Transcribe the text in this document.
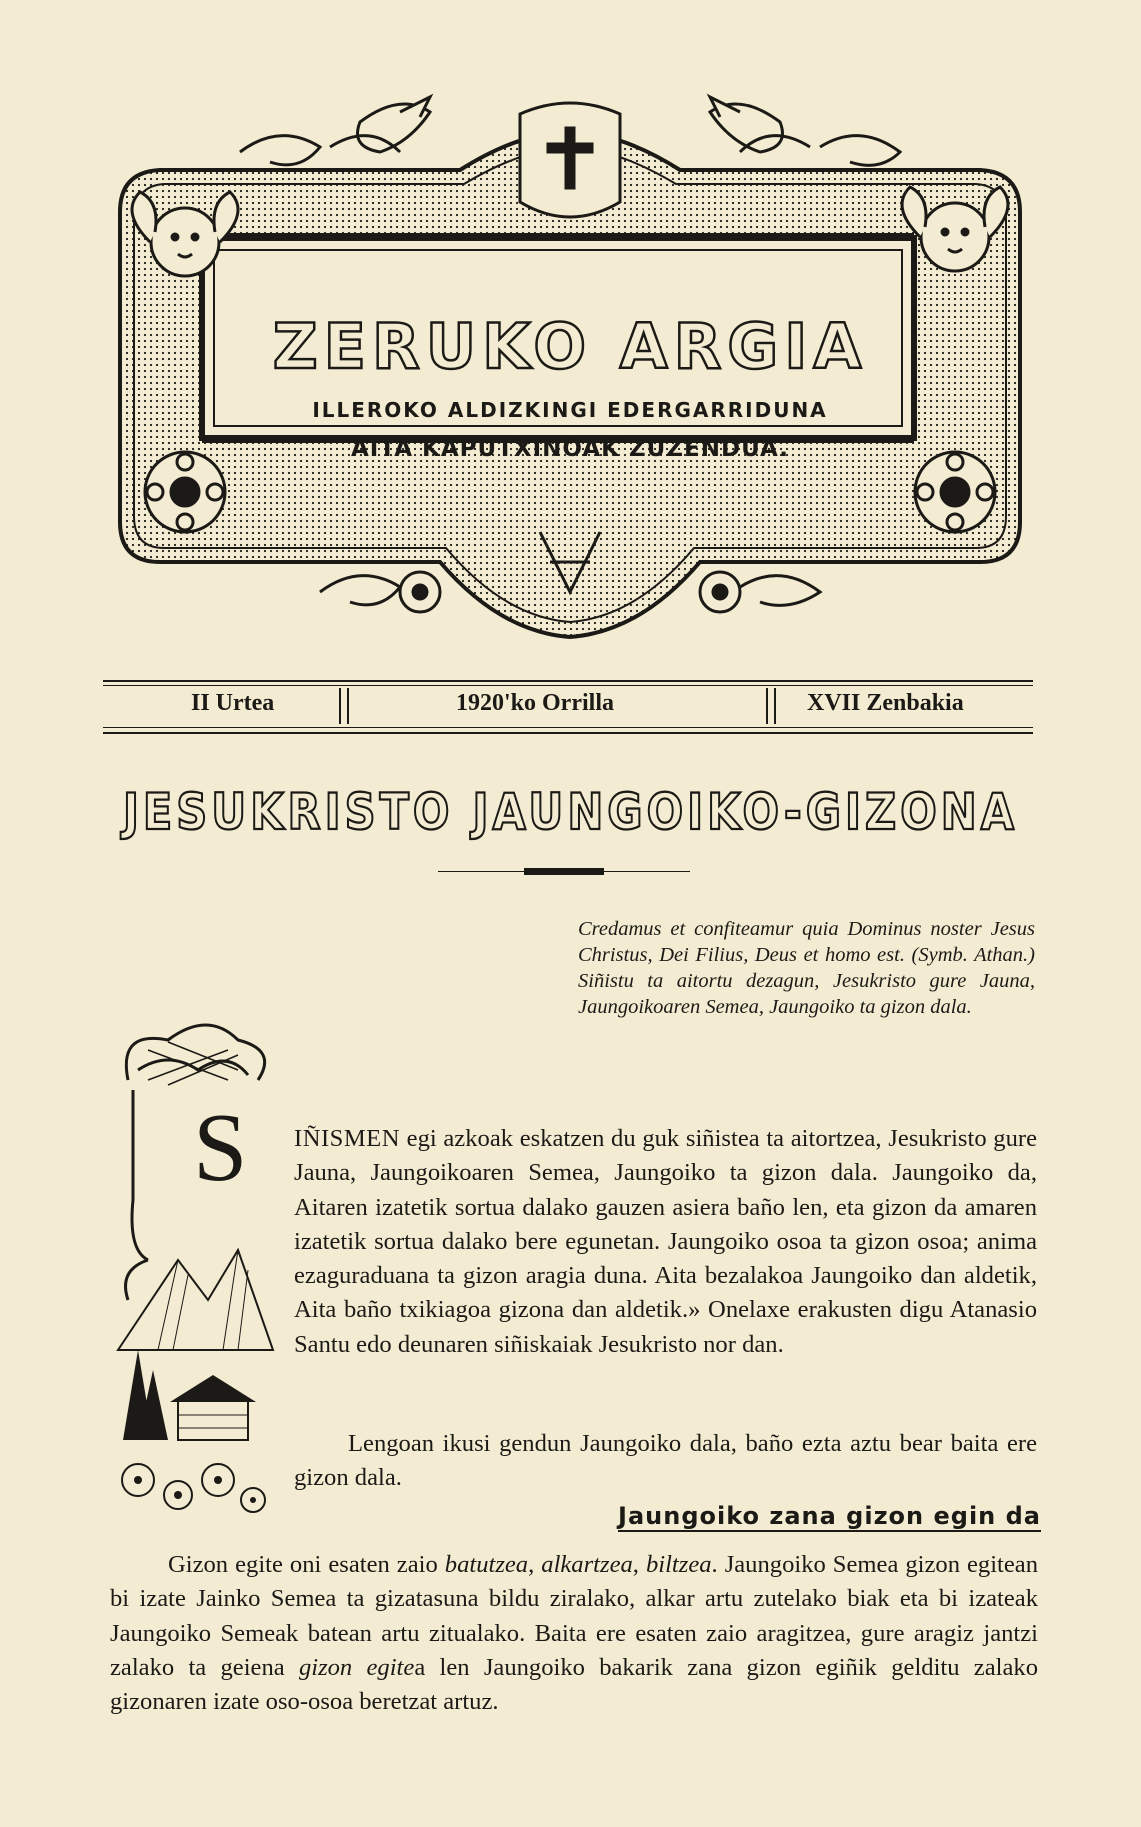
ZERUKO ARGIA
ILLEROKO ALDIZKINGI EDERGARRIDUNA
AITA KAPUTXINOAK ZUZENDUA.
II Urtea	1920'ko Orrilla	XVII Zenbakia
JESUKRISTO JAUNGOIKO-GIZONA
Credamus et confiteamur quia Dominus noster Jesus Christus, Dei Filius, Deus et homo est. (Symb. Athan.) Siñistu ta aitortu dezagun, Jesukristo gure Jauna, Jaungoikoaren Semea, Jaungoiko ta gizon dala.
S IÑISMEN egi azkoak eskatzen du guk siñistea ta aitortzea, Jesukristo gure Jauna, Jaungoikoaren Semea, Jaungoiko ta gizon dala. Jaungoiko da, Aitaren izatetik sortua dalako gauzen asiera baño len, eta gizon da amaren izatetik sortua dalako bere egunetan. Jaungoiko osoa ta gizon osoa; anima ezaguraduana ta gizon aragia duna. Aita bezalakoa Jaungoiko dan aldetik, Aita baño txikiagoa gizona dan aldetik.» Onelaxe erakusten digu Atanasio Santu edo deunaren siñiskaiak Jesukristo nor dan.
Lengoan ikusi gendun Jaungoiko dala, baño ezta aztu bear baita ere gizon dala.
Jaungoiko zana gizon egin da
Gizon egite oni esaten zaio batutzea, alkartzea, biltzea. Jaungoiko Semea gizon egitean bi izate Jainko Semea ta gizatasuna bildu ziralako, alkar artu zutelako biak eta bi izateak Jaungoiko Semeak batean artu zitualako. Baita ere esaten zaio aragitzea, gure aragiz jantzi zalako ta geiena gizon egitea len Jaungoiko bakarik zana gizon egiñik gelditu zalako gizonaren izate oso-osoa beretzat artuz.
